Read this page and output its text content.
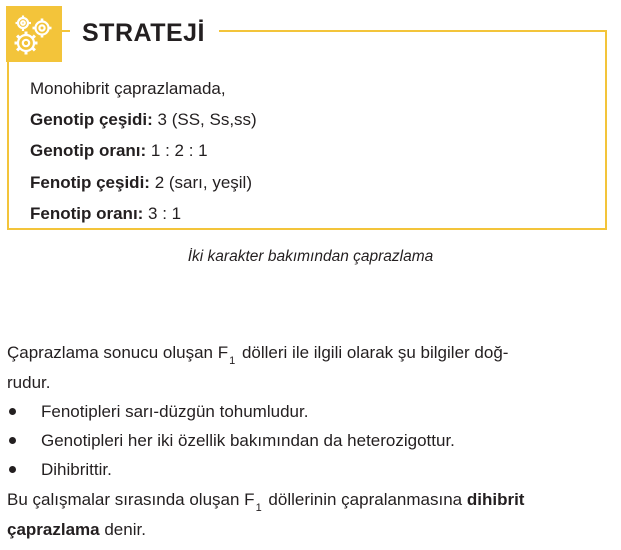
STRATEJİ
Monohibrit çaprazlamada,
Genotip çeşidi: 3 (SS, Ss,ss)
Genotip oranı: 1 : 2 : 1
Fenotip çeşidi: 2 (sarı, yeşil)
Fenotip oranı: 3 : 1
İki karakter bakımından çaprazlama
Çaprazlama sonucu oluşan $F_1$ dölleri ile ilgili olarak şu bilgiler doğ-
rudur.
Fenotipleri sarı-düzgün tohumludur.
Genotipleri her iki özellik bakımından da heterozigottur.
Dihibrittir.
Bu çalışmalar sırasında oluşan $F_1$ döllerinin çapralanmasına dihibrit
çaprazlama denir.
